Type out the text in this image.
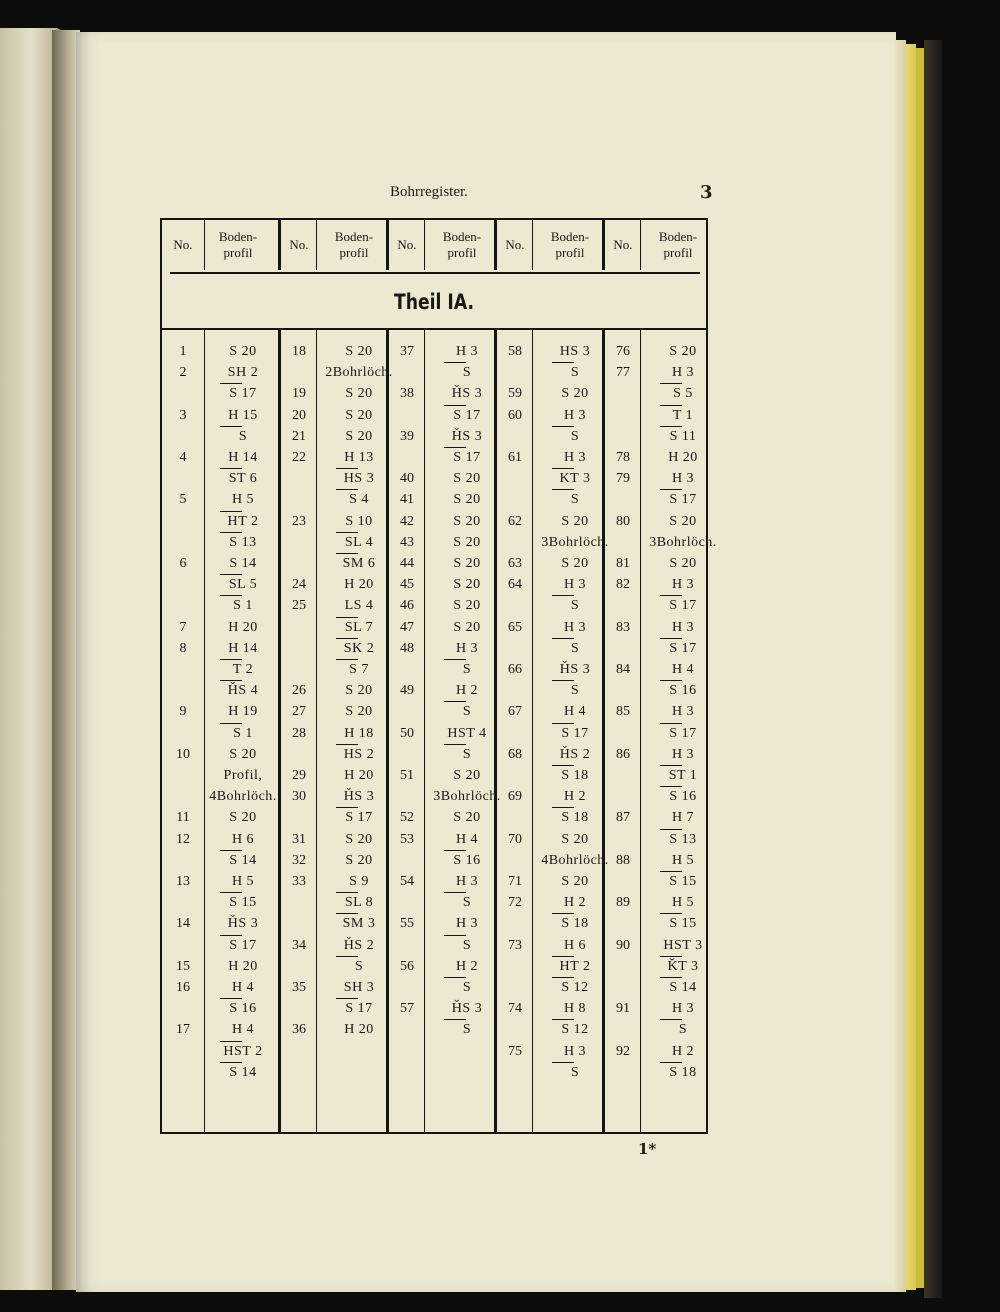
Bohrregister.	3
No.
Boden-
profil
No.
Boden-
profil
No.
Boden-
profil
No.
Boden-
profil
No.
Boden-
profil
Theil IA.
1	S 20
2	SH 2
S 17
3	H 15
S
4	H 14
ST 6
5	H 5
HT 2
S 13
6	S 14
SL 5
S 1
7	H 20
8	H 14
T 2
ȞS 4
9	H 19
S 1
10	S 20
Profil,
4Bohrlöch.
11	S 20
12	H 6
S 14
13	H 5
S 15
14	ȞS 3
S 17
15	H 20
16	H 4
S 16
17	H 4
HST 2
S 14
18	S 20
2Bohrlöch.
19	S 20
20	S 20
21	S 20
22	H 13
HS 3
S 4
23	S 10
SL 4
SM 6
24	H 20
25	LS 4
SL 7
SK 2
S 7
26	S 20
27	S 20
28	H 18
HS 2
29	H 20
30	ȞS 3
S 17
31	S 20
32	S 20
33	S 9
SL 8
SM 3
34	ȞS 2
S
35	SH 3
S 17
36	H 20
37	H 3
S
38	ȞS 3
S 17
39	ȞS 3
S 17
40	S 20
41	S 20
42	S 20
43	S 20
44	S 20
45	S 20
46	S 20
47	S 20
48	H 3
S
49	H 2
S
50	HST 4
S
51	S 20
3Bohrlöch.
52	S 20
53	H 4
S 16
54	H 3
S
55	H 3
S
56	H 2
S
57	ȞS 3
S
58	HS 3
S
59	S 20
60	H 3
S
61	H 3
KT 3
S
62	S 20
3Bohrlöch.
63	S 20
64	H 3
S
65	H 3
S
66	ȞS 3
S
67	H 4
S 17
68	ȞS 2
S 18
69	H 2
S 18
70	S 20
4Bohrlöch.
71	S 20
72	H 2
S 18
73	H 6
HT 2
S 12
74	H 8
S 12
75	H 3
S
76	S 20
77	H 3
S 5
T 1
S 11
78	H 20
79	H 3
S 17
80	S 20
3Bohrlöch.
81	S 20
82	H 3
S 17
83	H 3
S 17
84	H 4
S 16
85	H 3
S 17
86	H 3
ST 1
S 16
87	H 7
S 13
88	H 5
S 15
89	H 5
S 15
90	HST 3
ǨT 3
S 14
91	H 3
S
92	H 2
S 18
1*
